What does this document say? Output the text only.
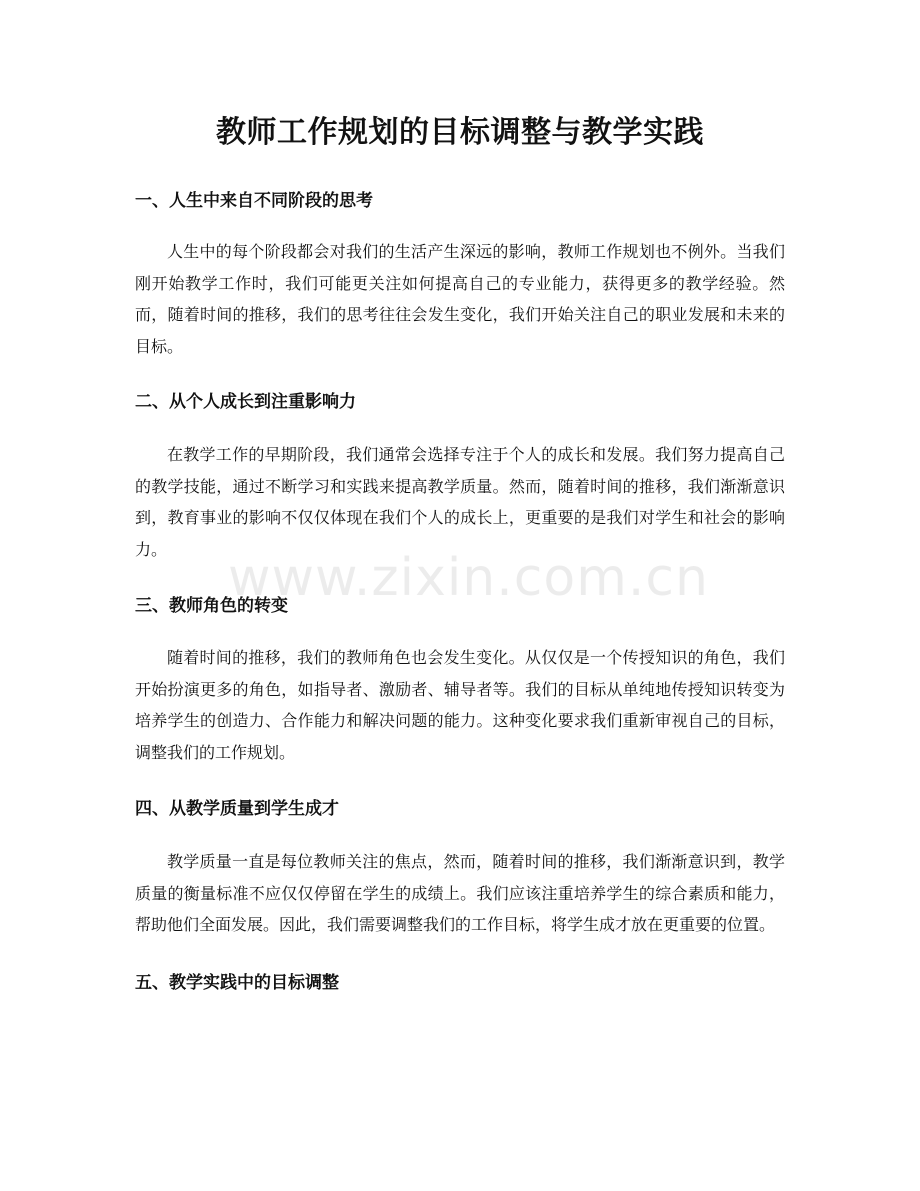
教师工作规划的目标调整与教学实践
一、人生中来自不同阶段的思考

人生中的每个阶段都会对我们的生活产生深远的影响，教师工作规划也不例外。当我们刚开始教学工作时，我们可能更关注如何提高自己的专业能力，获得更多的教学经验。然而，随着时间的推移，我们的思考往往会发生变化，我们开始关注自己的职业发展和未来的目标。

二、从个人成长到注重影响力

在教学工作的早期阶段，我们通常会选择专注于个人的成长和发展。我们努力提高自己的教学技能，通过不断学习和实践来提高教学质量。然而，随着时间的推移，我们渐渐意识到，教育事业的影响不仅仅体现在我们个人的成长上，更重要的是我们对学生和社会的影响力。

三、教师角色的转变

随着时间的推移，我们的教师角色也会发生变化。从仅仅是一个传授知识的角色，我们开始扮演更多的角色，如指导者、激励者、辅导者等。我们的目标从单纯地传授知识转变为培养学生的创造力、合作能力和解决问题的能力。这种变化要求我们重新审视自己的目标，调整我们的工作规划。

四、从教学质量到学生成才

教学质量一直是每位教师关注的焦点，然而，随着时间的推移，我们渐渐意识到，教学质量的衡量标准不应仅仅停留在学生的成绩上。我们应该注重培养学生的综合素质和能力，帮助他们全面发展。因此，我们需要调整我们的工作目标，将学生成才放在更重要的位置。

五、教学实践中的目标调整
www.zixin.com.cn
